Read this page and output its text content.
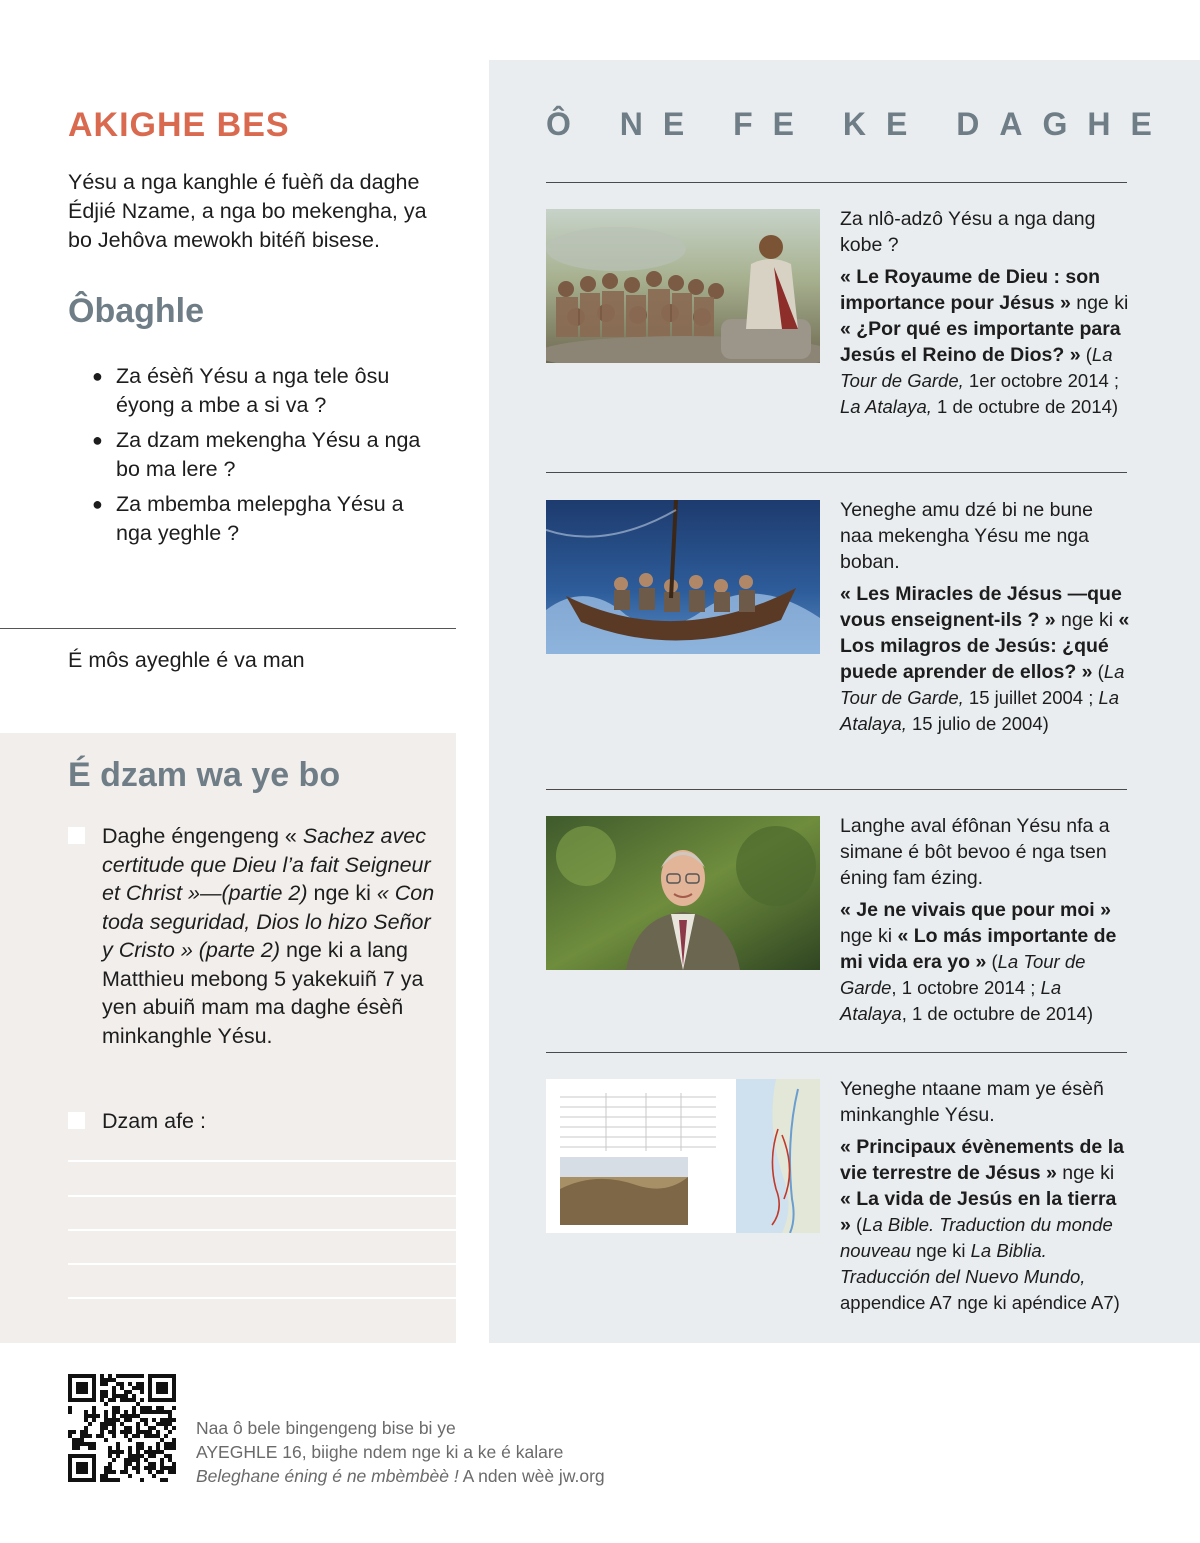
AKIGHE BES

Yésu a nga kanghle é fuèñ da daghe Édjié Nzame, a nga bo mekengha, ya bo Jehôva mewokh bitéñ bisese.

Ôbaghle
● Za ésèñ Yésu a nga tele ôsu éyong a mbe a si va ?
● Za dzam mekengha Yésu a nga bo ma lere ?
● Za mbemba melepgha Yésu a nga yeghle ?
É môs ayeghle é va man
É dzam wa ye bo
Daghe éngengeng « Sachez avec certitude que Dieu l’a fait Seigneur et Christ »—(partie 2) nge ki « Con toda seguridad, Dios lo hizo Señor y Cristo » (parte 2) nge ki a lang Matthieu mebong 5 yakekuiñ 7 ya yen abuiñ mam ma daghe ésèñ minkanghle Yésu.
Dzam afe :
Ô NE FE KE DAGHE

Za nlô-adzô Yésu a nga dang kobe ?

« Le Royaume de Dieu : son importance pour Jésus » nge ki « ¿Por qué es importante para Jesús el Reino de Dios? » (La Tour de Garde, 1er octobre 2014 ; La Atalaya, 1 de octubre de 2014)

Yeneghe amu dzé bi ne bune naa mekengha Yésu me nga boban.

« Les Miracles de Jésus —que vous enseignent-ils ? » nge ki « Los milagros de Jesús: ¿qué puede aprender de ellos? » (La Tour de Garde, 15 juillet 2004 ; La Atalaya, 15 julio de 2004)

Langhe aval éfônan Yésu nfa a simane é bôt bevoo é nga tsen éning fam ézing.

« Je ne vivais que pour moi » nge ki « Lo más importante de mi vida era yo » (La Tour de Garde, 1 octobre 2014 ; La Atalaya, 1 de octubre de 2014)

Yeneghe ntaane mam ye ésèñ minkanghle Yésu.

« Principaux évènements de la vie terrestre de Jésus » nge ki « La vida de Jesús en la tierra » (La Bible. Traduction du monde nouveau nge ki La Biblia. Traducción del Nuevo Mundo, appendice A7 nge ki apéndice A7)

Naa ô bele bingengeng bise bi ye
AYEGHLE 16, biighe ndem nge ki a ke é kalare
Beleghane éning é ne mbèmbèè ! A nden wèè jw.org
